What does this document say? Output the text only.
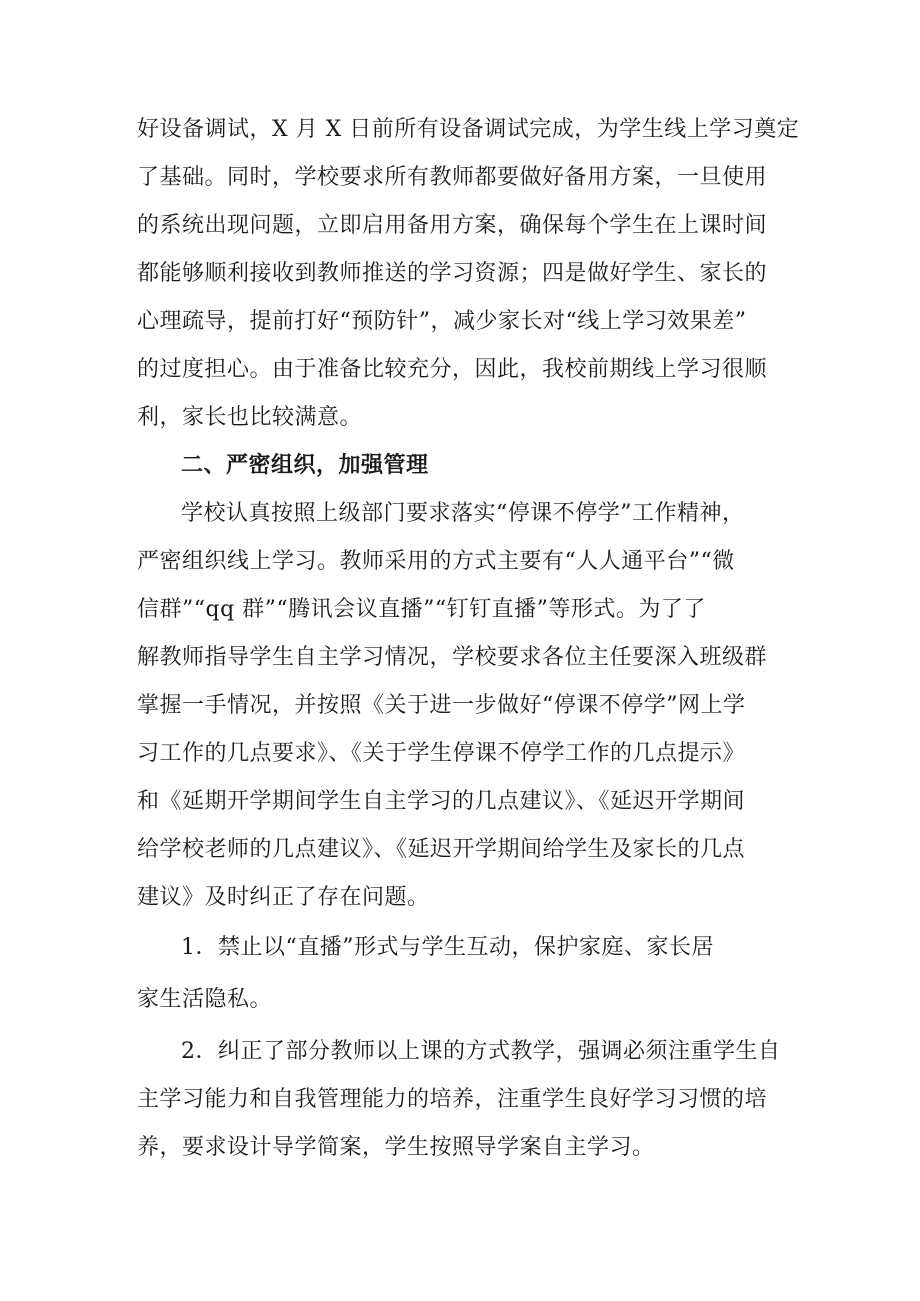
好设备调试，X 月 X 日前所有设备调试完成，为学生线上学习奠定
了基础。同时，学校要求所有教师都要做好备用方案，一旦使用
的系统出现问题，立即启用备用方案，确保每个学生在上课时间
都能够顺利接收到教师推送的学习资源；四是做好学生、家长的
心理疏导，提前打好“预防针”，减少家长对“线上学习效果差”
的过度担心。由于准备比较充分，因此，我校前期线上学习很顺
利，家长也比较满意。
二、严密组织，加强管理
学校认真按照上级部门要求落实“停课不停学”工作精神，
严密组织线上学习。教师采用的方式主要有“人人通平台”“微
信群”“qq 群”“腾讯会议直播”“钉钉直播”等形式。为了了
解教师指导学生自主学习情况，学校要求各位主任要深入班级群
掌握一手情况，并按照《关于进一步做好“停课不停学”网上学
习工作的几点要求》、《关于学生停课不停学工作的几点提示》
和《延期开学期间学生自主学习的几点建议》、《延迟开学期间
给学校老师的几点建议》、《延迟开学期间给学生及家长的几点
建议》及时纠正了存在问题。
1．禁止以“直播”形式与学生互动，保护家庭、家长居
家生活隐私。
2．纠正了部分教师以上课的方式教学，强调必须注重学生自
主学习能力和自我管理能力的培养，注重学生良好学习习惯的培
养，要求设计导学简案，学生按照导学案自主学习。
